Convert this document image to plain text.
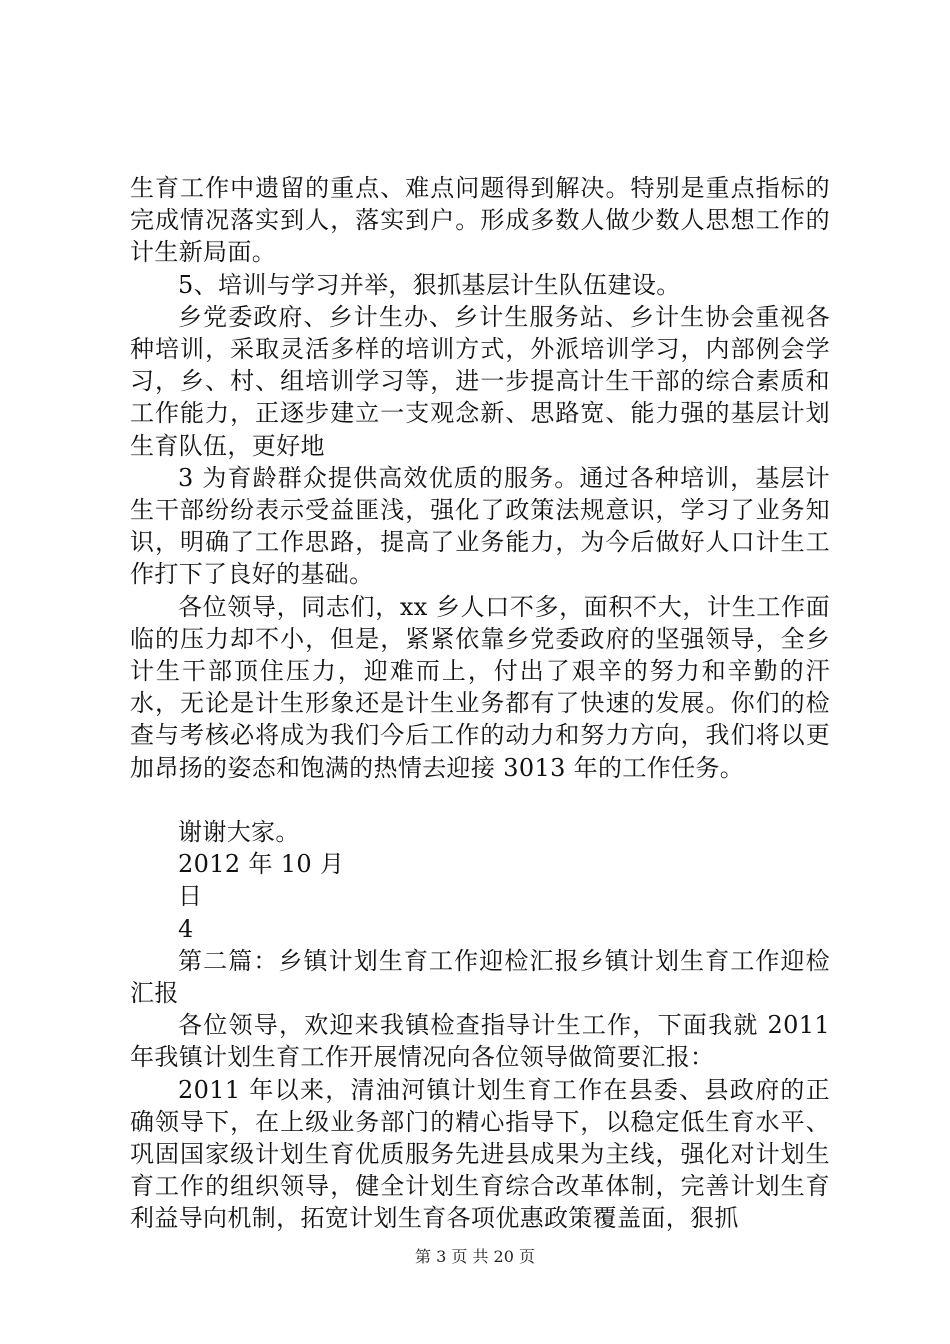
生育工作中遗留的重点、难点问题得到解决。特别是重点指标的完成情况落实到人，落实到户。形成多数人做少数人思想工作的计生新局面。

5、培训与学习并举，狠抓基层计生队伍建设。

乡党委政府、乡计生办、乡计生服务站、乡计生协会重视各种培训，采取灵活多样的培训方式，外派培训学习，内部例会学习，乡、村、组培训学习等，进一步提高计生干部的综合素质和工作能力，正逐步建立一支观念新、思路宽、能力强的基层计划生育队伍，更好地

3 为育龄群众提供高效优质的服务。通过各种培训，基层计生干部纷纷表示受益匪浅，强化了政策法规意识，学习了业务知识，明确了工作思路，提高了业务能力，为今后做好人口计生工作打下了良好的基础。

各位领导，同志们，xx 乡人口不多，面积不大，计生工作面临的压力却不小，但是，紧紧依靠乡党委政府的坚强领导，全乡计生干部顶住压力，迎难而上，付出了艰辛的努力和辛勤的汗水，无论是计生形象还是计生业务都有了快速的发展。你们的检查与考核必将成为我们今后工作的动力和努力方向，我们将以更加昂扬的姿态和饱满的热情去迎接 3013 年的工作任务。

谢谢大家。

2012 年 10 月

日

4

第二篇：乡镇计划生育工作迎检汇报乡镇计划生育工作迎检汇报

各位领导，欢迎来我镇检查指导计生工作，下面我就 2011 年我镇计划生育工作开展情况向各位领导做简要汇报：

2011 年以来，清油河镇计划生育工作在县委、县政府的正确领导下，在上级业务部门的精心指导下，以稳定低生育水平、巩固国家级计划生育优质服务先进县成果为主线，强化对计划生育工作的组织领导，健全计划生育综合改革体制，完善计划生育利益导向机制，拓宽计划生育各项优惠政策覆盖面，狠抓

第 3 页 共 20 页
